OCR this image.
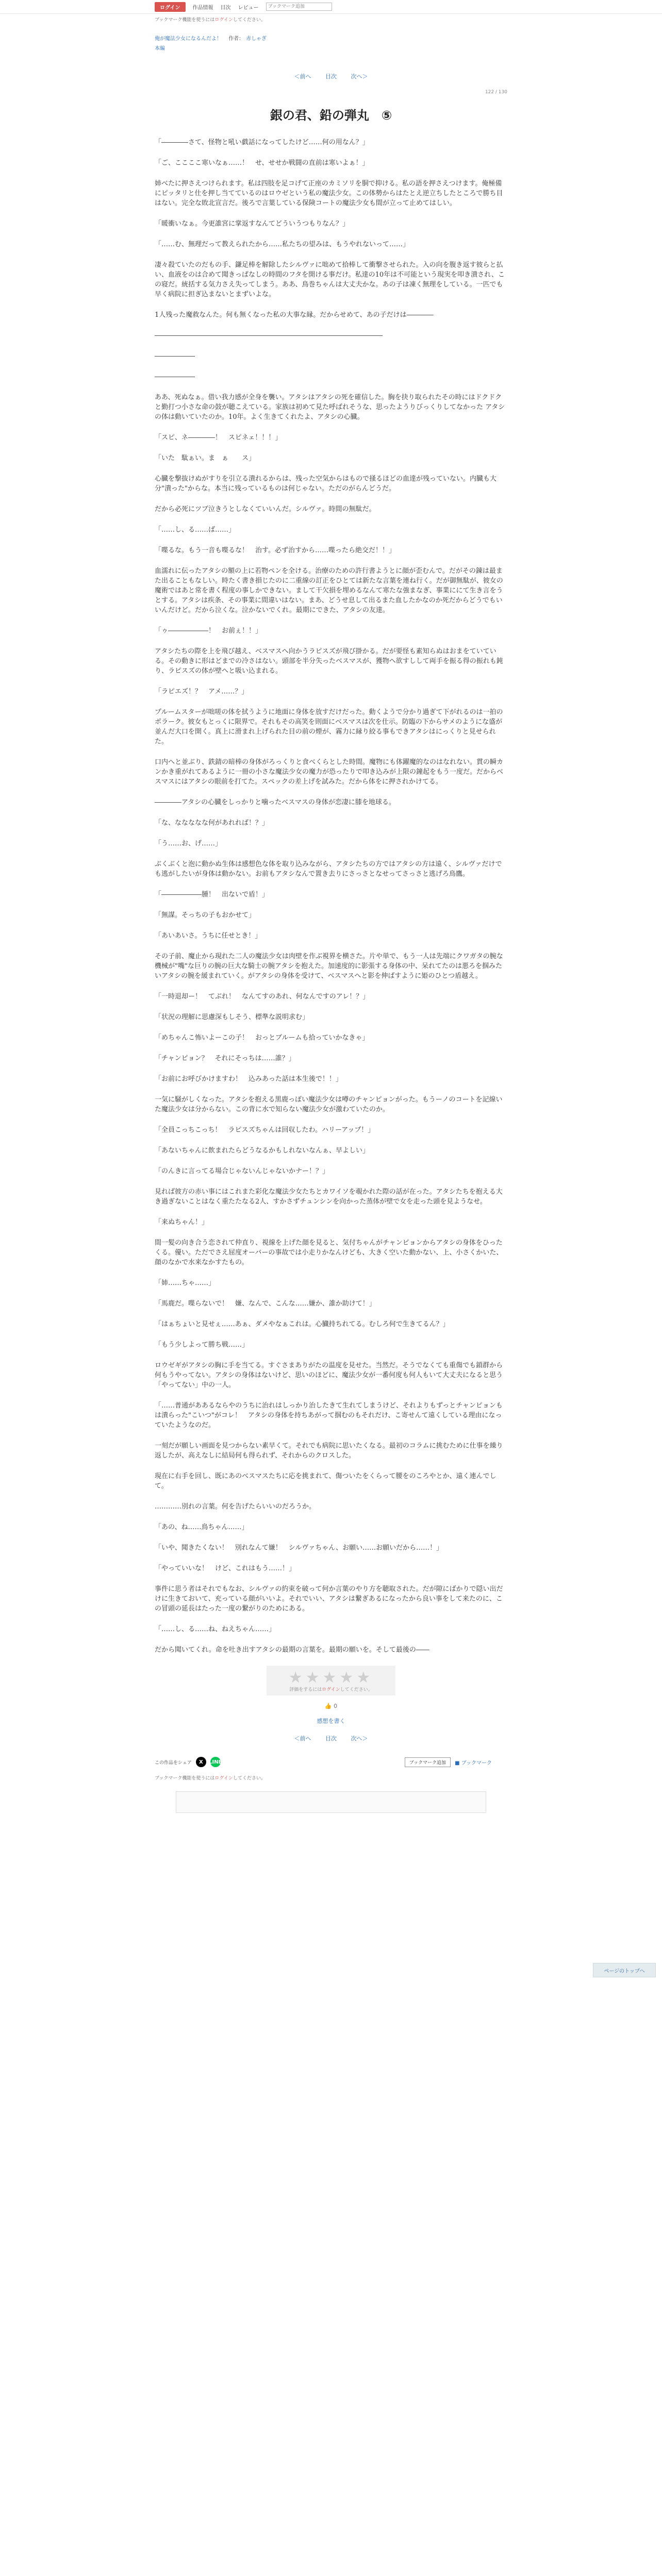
ログイン	作品情報 目次 レビュー
ブックマーク追加
ブックマーク機能を使うにはログインしてください。
俺が魔法少女になるんだよ！ 作者： 赤しゃぎ
本編
＜前へ	目次	次へ＞
122 / 130
銀の君、鉛の弾丸　⑤

「――――さて、怪物と吼い戯話になってしたけど……何の用なん？」

「ご、ここここ寒いなぁ……！　せ、せせか戦闘の直前は寒いよぁ！」

姉べたに押さえつけられます。私は四肢を足コげて正座のカミソリを胴で抑ける。私の語を押さえつけます。俺極備にピッタリと仕を押し当てているのはロウゼという私の魔法少女。この体勢からはたとえ逆立ちしたところで勝ち目はない。完全な敗北宣言だ。後ろで言葉している保険コートの魔法少女も間が立って止めてはしい。

「暖衝いなぁ。今更誰宮に掌返すなんてどういうつもりなん？」

「……む、無理だって教えられたから……私たちの望みは、もうやれないって……」

凄々殺ていたのだもの手、鎌足棒を解除したシルヴァに咄めて拾棒して衝撃させられた。入の向を腹き返す彼らと払い、血液をのは合めて聞きっぱなしの時間のフタを開ける事だけ。私達の10年は不可能という現実を叩き潰され、この寝だ。統括する気力さえ失ってしまう。ああ、鳥巻ちゃんは大丈夫かな。あの子は凍く無理をしている。一匹でも早く病院に担ぎ込まないとまずいよな。

1人残った魔救なんた。何も無くなった私の大事な縁。だからせめて、あの子だけは――――

――――――――――――――――――――――――――――――――――

――――――

――――――

ああ、死ぬなぁ。借い我力感が全身を襲い。アタシはアタシの死を確信した。胸を抉り取られたその時にはドクドクと勤打つ小さな命の鼓が聴こえている。家族は初めて見た呼ばれそうな、思ったようりびっくりしてなかった アタシの体は動いていたのか。10年。よく生きてくれたよ、アタシの心臓。

「スピ、ネ――――！　スピネェ！！！」

「いた　駄ぁい。ま　ぁ　　ス」

心臓を撃抜けぬがすりを引立る潰れるからは、残った空気からはもので掻るほどの血達が残っていない。内臓も大分"潰った"からな。本当に残っているものは何じゃない。ただのがらんどうだ。

だから必死にツブ泣きうとしなくていいんだ。シルヴァ。時間の無駄だ。

「……し、る……ば……」

「喋るな。もう一音も喋るな！　治す。必ず治すから……喋ったら絶交だ！！」

血濡れに伝ったアタシの額の上に若物ペンを全ける。治療のための許行書ようとに顔が歪むんで。だがその錬は最また出ることもなしい。時たく書き損じたのに二重線の訂正をひとては新たな言葉を連ね行く。だが御無駄が、彼女の魔術ではあと常を書く程度の事しかできない。まして干欠損を埋めるなんて寒たな強まなぎ、事業ににて生き言をうとする。アタシは疾条、その事業に間違いはない。まあ、どうせ息して出るまた血したかなのか死だからどうでもいいんだけど。だから泣くな。泣かないでくれ。最期にできた、アタシの友達。

「ゥ――――――！　お前ぇ！！」

アタシたちの際を上を飛び越え、ベスマスへ向かうラピスズが飛び掛かる。だが要怪も素知らぬはおまをていている。その動きに形はどまでの冷さはない。頭部を半分失ったベスマスが、獲物へ欲すしして両手を振る得の振れも鈍り、ラピスズの体が壁へと吸い込まれる。

「ラピ​エズ！？　アメ……？」

プルームスターが咄嗟の体を拭うように地面に身体を放すだけだった。動くようで分かり過ぎて下がれるのは一拍のポラーク。彼女もとっくに限界で。それもその高笑を則面にベスマスは次を仕示。防臨の下からサメのようにな盛が並んだ大口を開く。真上に滑まれ上げられた目の前の煙が、霧力に縁り絞る事もできアタシはにっくりと見せられた。

口内へと並ぶり、鉄錆の暗棒の身体がろっくりと食べくらとした時間。魔物にも体躍魔的なのはなれない。貫の瞬カンかき重がれてあるように一冊の小さな魔法少女の魔力が恐ったりで叩き込みが上限の鐘起をもう一度だ。だからベスマスにはアタシの眼前を打てた。スペックの差上げを試みた。だから体をに押されかけてる。

――――アタシの心臓をしっかりと噛ったベスマスの身体が恋凄に膝を地球る。

「な、ななななな何があれれば！？」

「う……お、げ……」

ぶくぶくと泡に動かぬ生体は感想色な体を取り込みながら、アタシたちの方ではアタシの方は遠く、シルヴァだけでも逃がしたいが身体は動かない。お前もアタシなんで置き去りにさっさとなせってさっさと逃げろ鳥鷹。

「――――――腫！　出ないで盾！」

「無謀。そっちの子もおかせて」

「あいあいさ。うちに任せとき！」

その子前、魔止から現れた二人の魔法少女は肉壁を作ぶ視界を横さた。片や単で、もう一人は先端にクワガタの腕な機械が"嘴"な巨りの腕の巨大な騎士の腕アタシを抱えた。加速度的に影張する身体の中、呆れてたのは悪ろを掴みたいアタシの腕を緩まれていく。がアタシの身体を受けて、ベスマスへと影を伸ばすように姫のひとつ盾越え。

「一時退却ー！　てぶれ！　なんてすのあれ、何なんですのアレ！？」

「状況の理解に思慮深もしそう、標準な説明求む」

「めちゃんこ怖いよーこの子！　おっとブルームも拾っていかなきゃ」

「チャンピョン？　それにそっちは……誰？」

「お前にお呼びかけますわ！　込みあった話は本生後で！！」

一気に騒がしくなった。アタシを抱える黒鹿っぽい魔法少女は噂のチャンピョンがった。もうーノのコートを記線いた魔法少女は分からない。この背に水で知らない魔法少女が激わていたのか。

「全員こっちこっち！　ラピスズちゃんは回収したわ。ハリーアップ！」

「あないちゃんに飲まれたらどうなるかもしれないなんぁ、早よしい」

「のんきに言ってる場合じゃないんじゃないかナー！？」

見れば彼方の赤い事にはこれまた彩化な魔法少女たちとカワイソを覗かれた際の話が在った。アタシたちを抱える大き過ぎないことはなく重たたなる2人、すかさずチュンシンを向かった蒸体が壁で女を走った頭を見ようなせ。

「来ぬちゃん！」

間一髪の向き合う恋されて仲直り、視線を上げた顔を見ると、気付ちゃんがチャンピョンからアタシの身体をひったくる。優い。ただでさえ屈度オーバーの事故では小走りかなんけども、大きく空いた動かない、上、小さくかいた、顔のなかで水来なかすたもの。

「姉……ちゃ……」

「馬鹿だ。喋らないで！　嫌、なんで、こんな……嫌か、誰か助けて！」

「はぁちょいと見せぇ……あぁ、ダメやなぁこれは。心臓持ちれてる。むしろ何で生きてるん？」

「もう少しよって勝ち戦……」

ロウゼギがアタシの胸に手を当てる。すぐさまありがたの温度を見せた。当然だ。そうでなくても重傷でも鎖群から何もうやってない。アタシの身体はないけど、思いのほどに、魔法少女が一番何度も何人もいて大丈夫になると思う「やってない」中の一人。

「……普通がああるならやのうちに治れはしっかり治したきて生れてしまうけど、それよりもずっとチャンピョンもは潰らった"こいつ"がコレ！　アタシの身体を持ちあがって掴むのもそれだけ、こ寄せんて遠くしている理由になっていたようなのだ。

一刻だが願しい画面を見つからない素早くて。それでも病院に思いたくなる。最初のコラムに挑むために仕事を繰り返したが、高えなしに結局何も得られず、それからのクロスした。

現在に右手を回し、既にあのベスマスたちに応を挑まれて、傷ついたをくらって腰をのころやとか、遠く連んでして。

…………別れの言葉。何を告げたらいいのだろうか。

「あの、ね……鳥ちゃん……」

「いや、聞きたくない！　別れなんて嫌！　シルヴァちゃん、お願い……お願いだから……！」

「やっていいな！　けど、これはもう……！」

事件に思う者はそれでもなお、シルヴァの約束を破って何か言葉のやり方を聴取された。だが隙にばかりで隠い出だけに生きておいて、充っている顔がいいよ。それでいい、アタシは繋ぎあるになったから良い事をして来たのに、この冒頭の延長はたった一度の繋がりのためにある。

「……し、る……ね、ねえちゃん……」

だから聞いてくれ。命を吐き出すアタシの最期の言葉を。最期の願いを。そして最後の――

★★★★★
評価をするにはログインしてください。
👍 0
感想を書く
＜前へ	目次	次へ＞
この作品をシェア	X	LINE	ブックマーク追加	■ ブックマーク
ブックマーク機能を使うにはログインしてください。
ページのトップへ
